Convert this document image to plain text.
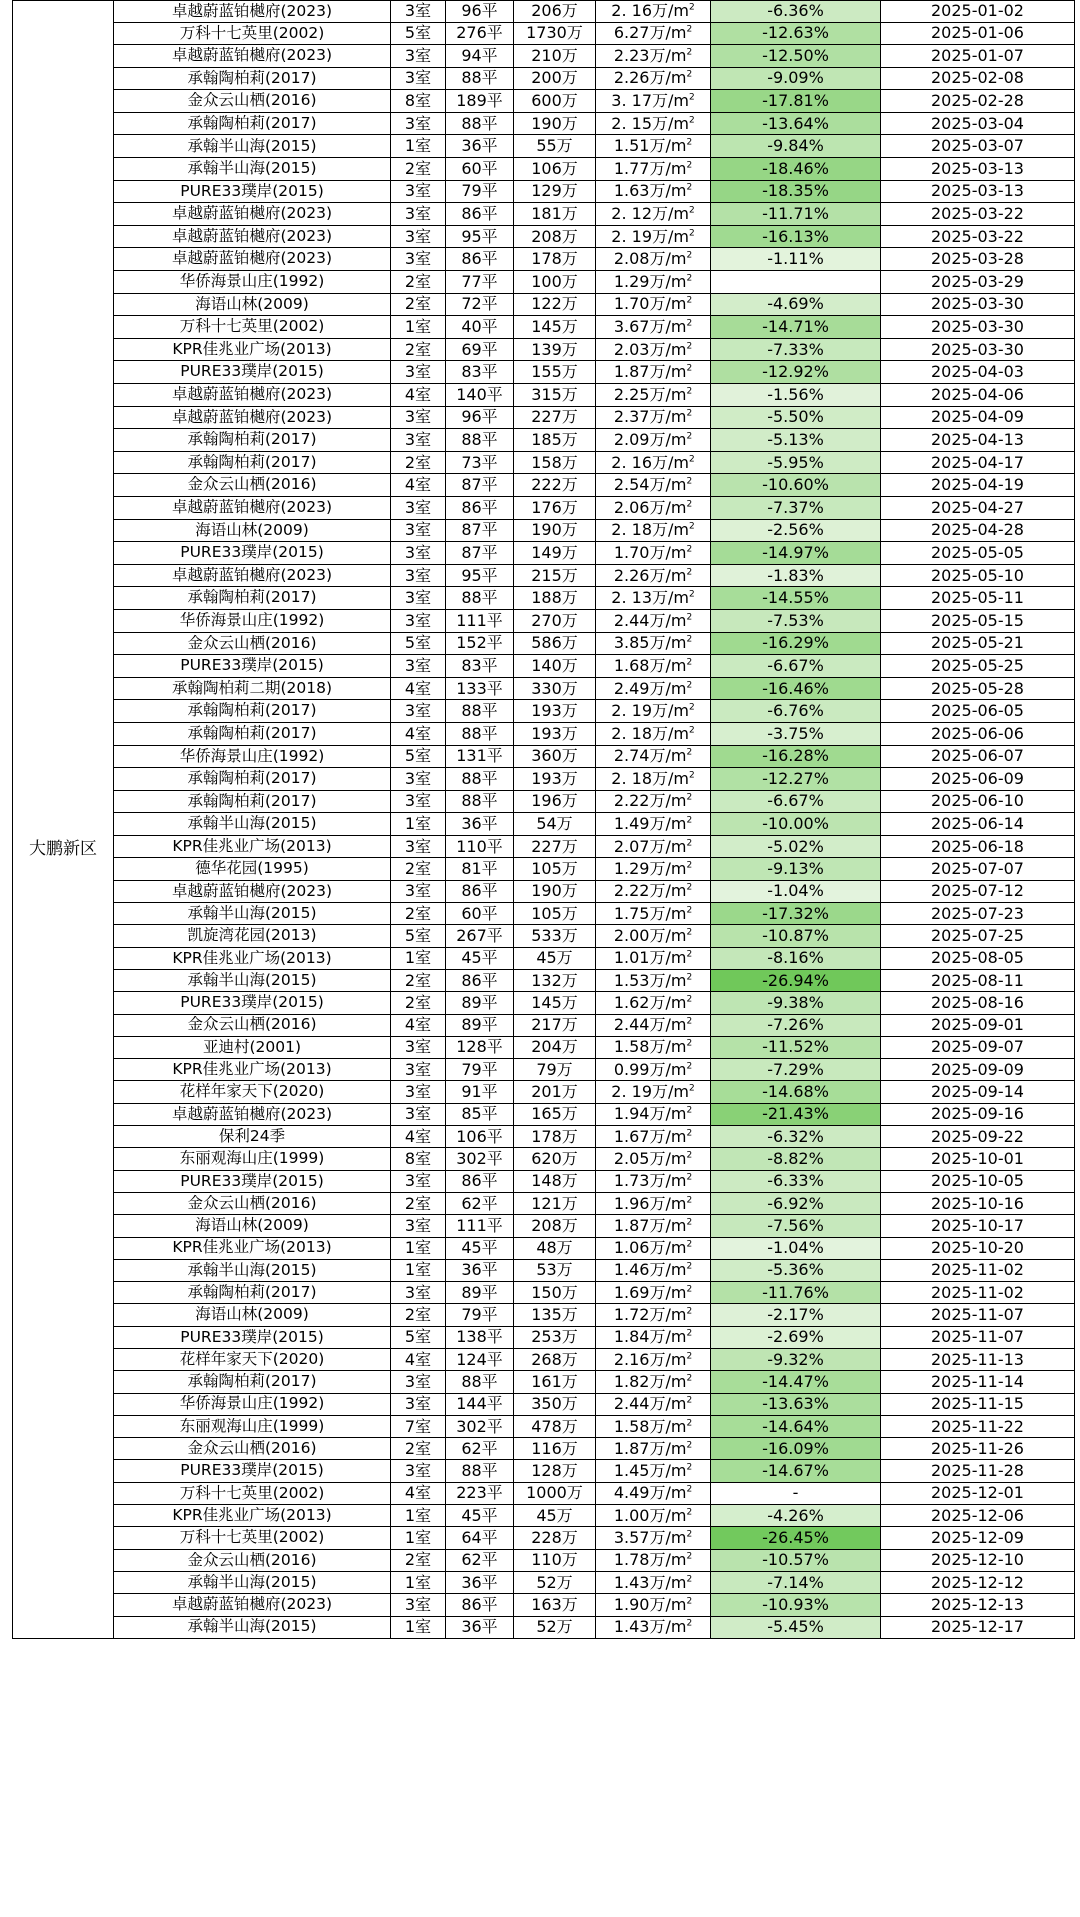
大鹏新区	卓越蔚蓝铂樾府(2023)	3室	96平	206万	2. 16万$/m^2$	-6.36%	2025-01-02
	万科十七英里(2002)	5室	276平	1730万	6.27万$/m^2$	-12.63%	2025-01-06
	卓越蔚蓝铂樾府(2023)	3室	94平	210万	2.23万$/m^2$	-12.50%	2025-01-07
	承翰陶柏莉(2017)	3室	88平	200万	2.26万$/m^2$	-9.09%	2025-02-08
	金众云山栖(2016)	8室	189平	600万	3. 17万$/m^2$	-17.81%	2025-02-28
	承翰陶柏莉(2017)	3室	88平	190万	2. 15万$/m^2$	-13.64%	2025-03-04
	承翰半山海(2015)	1室	36平	55万	1.51万$/m^2$	-9.84%	2025-03-07
	承翰半山海(2015)	2室	60平	106万	1.77万$/m^2$	-18.46%	2025-03-13
	PURE33璞岸(2015)	3室	79平	129万	1.63万$/m^2$	-18.35%	2025-03-13
	卓越蔚蓝铂樾府(2023)	3室	86平	181万	2. 12万$/m^2$	-11.71%	2025-03-22
	卓越蔚蓝铂樾府(2023)	3室	95平	208万	2. 19万$/m^2$	-16.13%	2025-03-22
	卓越蔚蓝铂樾府(2023)	3室	86平	178万	2.08万$/m^2$	-1.11%	2025-03-28
	华侨海景山庄(1992)	2室	77平	100万	1.29万$/m^2$		2025-03-29
	海语山林(2009)	2室	72平	122万	1.70万$/m^2$	-4.69%	2025-03-30
	万科十七英里(2002)	1室	40平	145万	3.67万$/m^2$	-14.71%	2025-03-30
	KPR佳兆业广场(2013)	2室	69平	139万	2.03万$/m^2$	-7.33%	2025-03-30
	PURE33璞岸(2015)	3室	83平	155万	1.87万$/m^2$	-12.92%	2025-04-03
	卓越蔚蓝铂樾府(2023)	4室	140平	315万	2.25万$/m^2$	-1.56%	2025-04-06
	卓越蔚蓝铂樾府(2023)	3室	96平	227万	2.37万$/m^2$	-5.50%	2025-04-09
	承翰陶柏莉(2017)	3室	88平	185万	2.09万$/m^2$	-5.13%	2025-04-13
	承翰陶柏莉(2017)	2室	73平	158万	2. 16万$/m^2$	-5.95%	2025-04-17
	金众云山栖(2016)	4室	87平	222万	2.54万$/m^2$	-10.60%	2025-04-19
	卓越蔚蓝铂樾府(2023)	3室	86平	176万	2.06万$/m^2$	-7.37%	2025-04-27
	海语山林(2009)	3室	87平	190万	2. 18万$/m^2$	-2.56%	2025-04-28
	PURE33璞岸(2015)	3室	87平	149万	1.70万$/m^2$	-14.97%	2025-05-05
	卓越蔚蓝铂樾府(2023)	3室	95平	215万	2.26万$/m^2$	-1.83%	2025-05-10
	承翰陶柏莉(2017)	3室	88平	188万	2. 13万$/m^2$	-14.55%	2025-05-11
	华侨海景山庄(1992)	3室	111平	270万	2.44万$/m^2$	-7.53%	2025-05-15
	金众云山栖(2016)	5室	152平	586万	3.85万$/m^2$	-16.29%	2025-05-21
	PURE33璞岸(2015)	3室	83平	140万	1.68万$/m^2$	-6.67%	2025-05-25
	承翰陶柏莉二期(2018)	4室	133平	330万	2.49万$/m^2$	-16.46%	2025-05-28
	承翰陶柏莉(2017)	3室	88平	193万	2. 19万$/m^2$	-6.76%	2025-06-05
	承翰陶柏莉(2017)	4室	88平	193万	2. 18万$/m^2$	-3.75%	2025-06-06
	华侨海景山庄(1992)	5室	131平	360万	2.74万$/m^2$	-16.28%	2025-06-07
	承翰陶柏莉(2017)	3室	88平	193万	2. 18万$/m^2$	-12.27%	2025-06-09
	承翰陶柏莉(2017)	3室	88平	196万	2.22万$/m^2$	-6.67%	2025-06-10
	承翰半山海(2015)	1室	36平	54万	1.49万$/m^2$	-10.00%	2025-06-14
	KPR佳兆业广场(2013)	3室	110平	227万	2.07万$/m^2$	-5.02%	2025-06-18
	德华花园(1995)	2室	81平	105万	1.29万$/m^2$	-9.13%	2025-07-07
	卓越蔚蓝铂樾府(2023)	3室	86平	190万	2.22万$/m^2$	-1.04%	2025-07-12
	承翰半山海(2015)	2室	60平	105万	1.75万$/m^2$	-17.32%	2025-07-23
	凯旋湾花园(2013)	5室	267平	533万	2.00万$/m^2$	-10.87%	2025-07-25
	KPR佳兆业广场(2013)	1室	45平	45万	1.01万$/m^2$	-8.16%	2025-08-05
	承翰半山海(2015)	2室	86平	132万	1.53万$/m^2$	-26.94%	2025-08-11
	PURE33璞岸(2015)	2室	89平	145万	1.62万$/m^2$	-9.38%	2025-08-16
	金众云山栖(2016)	4室	89平	217万	2.44万$/m^2$	-7.26%	2025-09-01
	亚迪村(2001)	3室	128平	204万	1.58万$/m^2$	-11.52%	2025-09-07
	KPR佳兆业广场(2013)	3室	79平	79万	0.99万$/m^2$	-7.29%	2025-09-09
	花样年家天下(2020)	3室	91平	201万	2. 19万$/m^2$	-14.68%	2025-09-14
	卓越蔚蓝铂樾府(2023)	3室	85平	165万	1.94万$/m^2$	-21.43%	2025-09-16
	保利24季	4室	106平	178万	1.67万$/m^2$	-6.32%	2025-09-22
	东丽观海山庄(1999)	8室	302平	620万	2.05万$/m^2$	-8.82%	2025-10-01
	PURE33璞岸(2015)	3室	86平	148万	1.73万$/m^2$	-6.33%	2025-10-05
	金众云山栖(2016)	2室	62平	121万	1.96万$/m^2$	-6.92%	2025-10-16
	海语山林(2009)	3室	111平	208万	1.87万$/m^2$	-7.56%	2025-10-17
	KPR佳兆业广场(2013)	1室	45平	48万	1.06万$/m^2$	-1.04%	2025-10-20
	承翰半山海(2015)	1室	36平	53万	1.46万$/m^2$	-5.36%	2025-11-02
	承翰陶柏莉(2017)	3室	89平	150万	1.69万$/m^2$	-11.76%	2025-11-02
	海语山林(2009)	2室	79平	135万	1.72万$/m^2$	-2.17%	2025-11-07
	PURE33璞岸(2015)	5室	138平	253万	1.84万$/m^2$	-2.69%	2025-11-07
	花样年家天下(2020)	4室	124平	268万	2.16万$/m^2$	-9.32%	2025-11-13
	承翰陶柏莉(2017)	3室	88平	161万	1.82万$/m^2$	-14.47%	2025-11-14
	华侨海景山庄(1992)	3室	144平	350万	2.44万$/m^2$	-13.63%	2025-11-15
	东丽观海山庄(1999)	7室	302平	478万	1.58万$/m^2$	-14.64%	2025-11-22
	金众云山栖(2016)	2室	62平	116万	1.87万$/m^2$	-16.09%	2025-11-26
	PURE33璞岸(2015)	3室	88平	128万	1.45万$/m^2$	-14.67%	2025-11-28
	万科十七英里(2002)	4室	223平	1000万	4.49万$/m^2$	-	2025-12-01
	KPR佳兆业广场(2013)	1室	45平	45万	1.00万$/m^2$	-4.26%	2025-12-06
	万科十七英里(2002)	1室	64平	228万	3.57万$/m^2$	-26.45%	2025-12-09
	金众云山栖(2016)	2室	62平	110万	1.78万$/m^2$	-10.57%	2025-12-10
	承翰半山海(2015)	1室	36平	52万	1.43万$/m^2$	-7.14%	2025-12-12
	卓越蔚蓝铂樾府(2023)	3室	86平	163万	1.90万$/m^2$	-10.93%	2025-12-13
	承翰半山海(2015)	1室	36平	52万	1.43万$/m^2$	-5.45%	2025-12-17
